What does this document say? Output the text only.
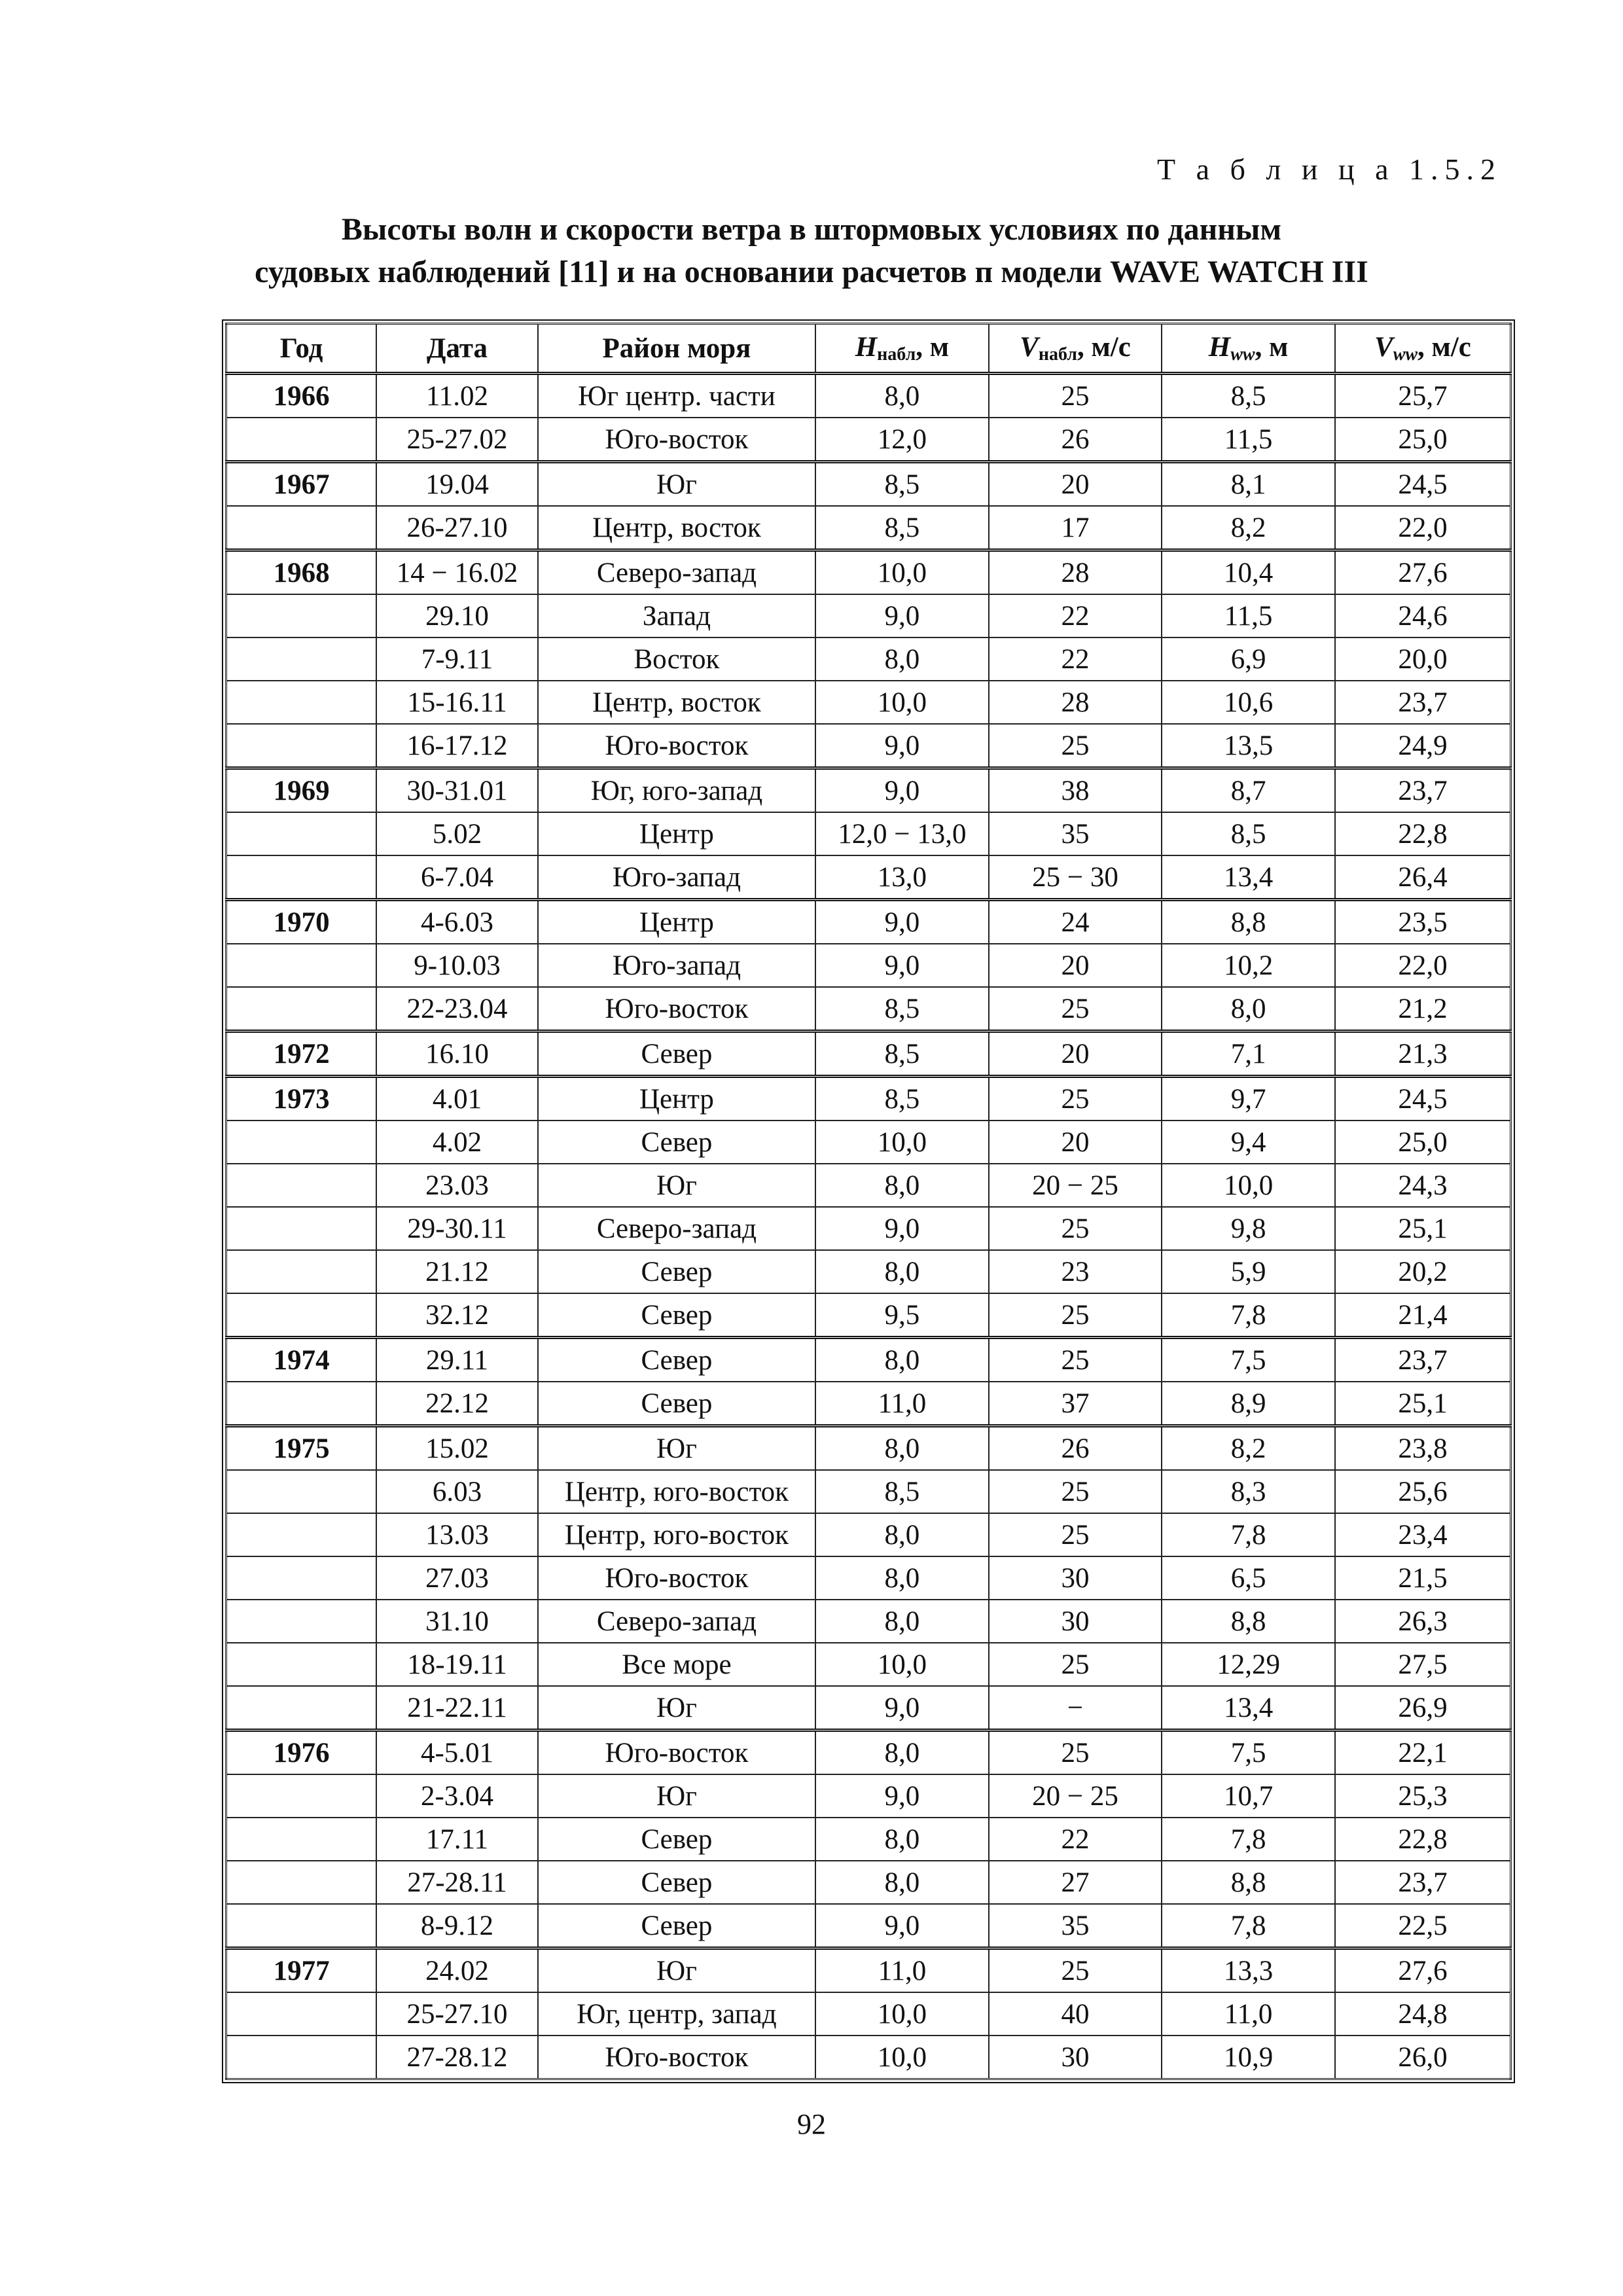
Т а б л и ц а 1.5.2
Высоты волн и скорости ветра в штормовых условиях по данным
судовых наблюдений [11] и на основании расчетов п модели WAVE WATCH III
Год	Дата	Район моря	$H_{набл}$, м	$V_{набл}$, м/с	$H_{ww}$, м	$V_{ww}$, м/с
1966	11.02	Юг центр. части	8,0	25	8,5	25,7
	25-27.02	Юго-восток	12,0	26	11,5	25,0
1967	19.04	Юг	8,5	20	8,1	24,5
	26-27.10	Центр, восток	8,5	17	8,2	22,0
1968	14 − 16.02	Северо-запад	10,0	28	10,4	27,6
	29.10	Запад	9,0	22	11,5	24,6
	7-9.11	Восток	8,0	22	6,9	20,0
	15-16.11	Центр, восток	10,0	28	10,6	23,7
	16-17.12	Юго-восток	9,0	25	13,5	24,9
1969	30-31.01	Юг, юго-запад	9,0	38	8,7	23,7
	5.02	Центр	12,0 − 13,0	35	8,5	22,8
	6-7.04	Юго-запад	13,0	25 − 30	13,4	26,4
1970	4-6.03	Центр	9,0	24	8,8	23,5
	9-10.03	Юго-запад	9,0	20	10,2	22,0
	22-23.04	Юго-восток	8,5	25	8,0	21,2
1972	16.10	Север	8,5	20	7,1	21,3
1973	4.01	Центр	8,5	25	9,7	24,5
	4.02	Север	10,0	20	9,4	25,0
	23.03	Юг	8,0	20 − 25	10,0	24,3
	29-30.11	Северо-запад	9,0	25	9,8	25,1
	21.12	Север	8,0	23	5,9	20,2
	32.12	Север	9,5	25	7,8	21,4
1974	29.11	Север	8,0	25	7,5	23,7
	22.12	Север	11,0	37	8,9	25,1
1975	15.02	Юг	8,0	26	8,2	23,8
	6.03	Центр, юго-восток	8,5	25	8,3	25,6
	13.03	Центр, юго-восток	8,0	25	7,8	23,4
	27.03	Юго-восток	8,0	30	6,5	21,5
	31.10	Северо-запад	8,0	30	8,8	26,3
	18-19.11	Все море	10,0	25	12,29	27,5
	21-22.11	Юг	9,0	−	13,4	26,9
1976	4-5.01	Юго-восток	8,0	25	7,5	22,1
	2-3.04	Юг	9,0	20 − 25	10,7	25,3
	17.11	Север	8,0	22	7,8	22,8
	27-28.11	Север	8,0	27	8,8	23,7
	8-9.12	Север	9,0	35	7,8	22,5
1977	24.02	Юг	11,0	25	13,3	27,6
	25-27.10	Юг, центр, запад	10,0	40	11,0	24,8
	27-28.12	Юго-восток	10,0	30	10,9	26,0
92
